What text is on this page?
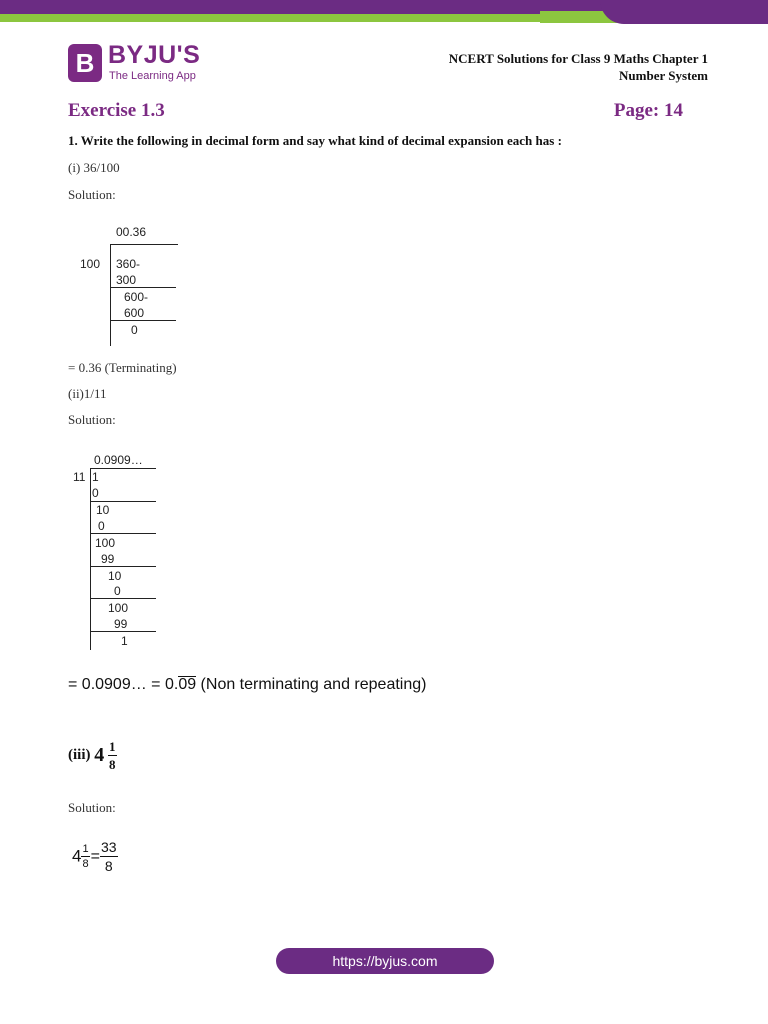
B BYJU'S
The Learning App
NCERT Solutions for Class 9 Maths Chapter 1
Number System
Exercise 1.3	Page: 14
1. Write the following in decimal form and say what kind of decimal expansion each has :
(i) 36/100
Solution:
00.36
100 360-
300
600-
600
0
= 0.36 (Terminating)
(ii)1/11
Solution:
0.0909…
11 1
0
10
0
100
99
10
0
100
99
1
= 0.0909… = 0.09 (Non terminating and repeating)
(iii) $4 \frac{1}{8}$
Solution:
$4 \frac{1}{8} = \frac{33}{8}$
https://byjus.com
